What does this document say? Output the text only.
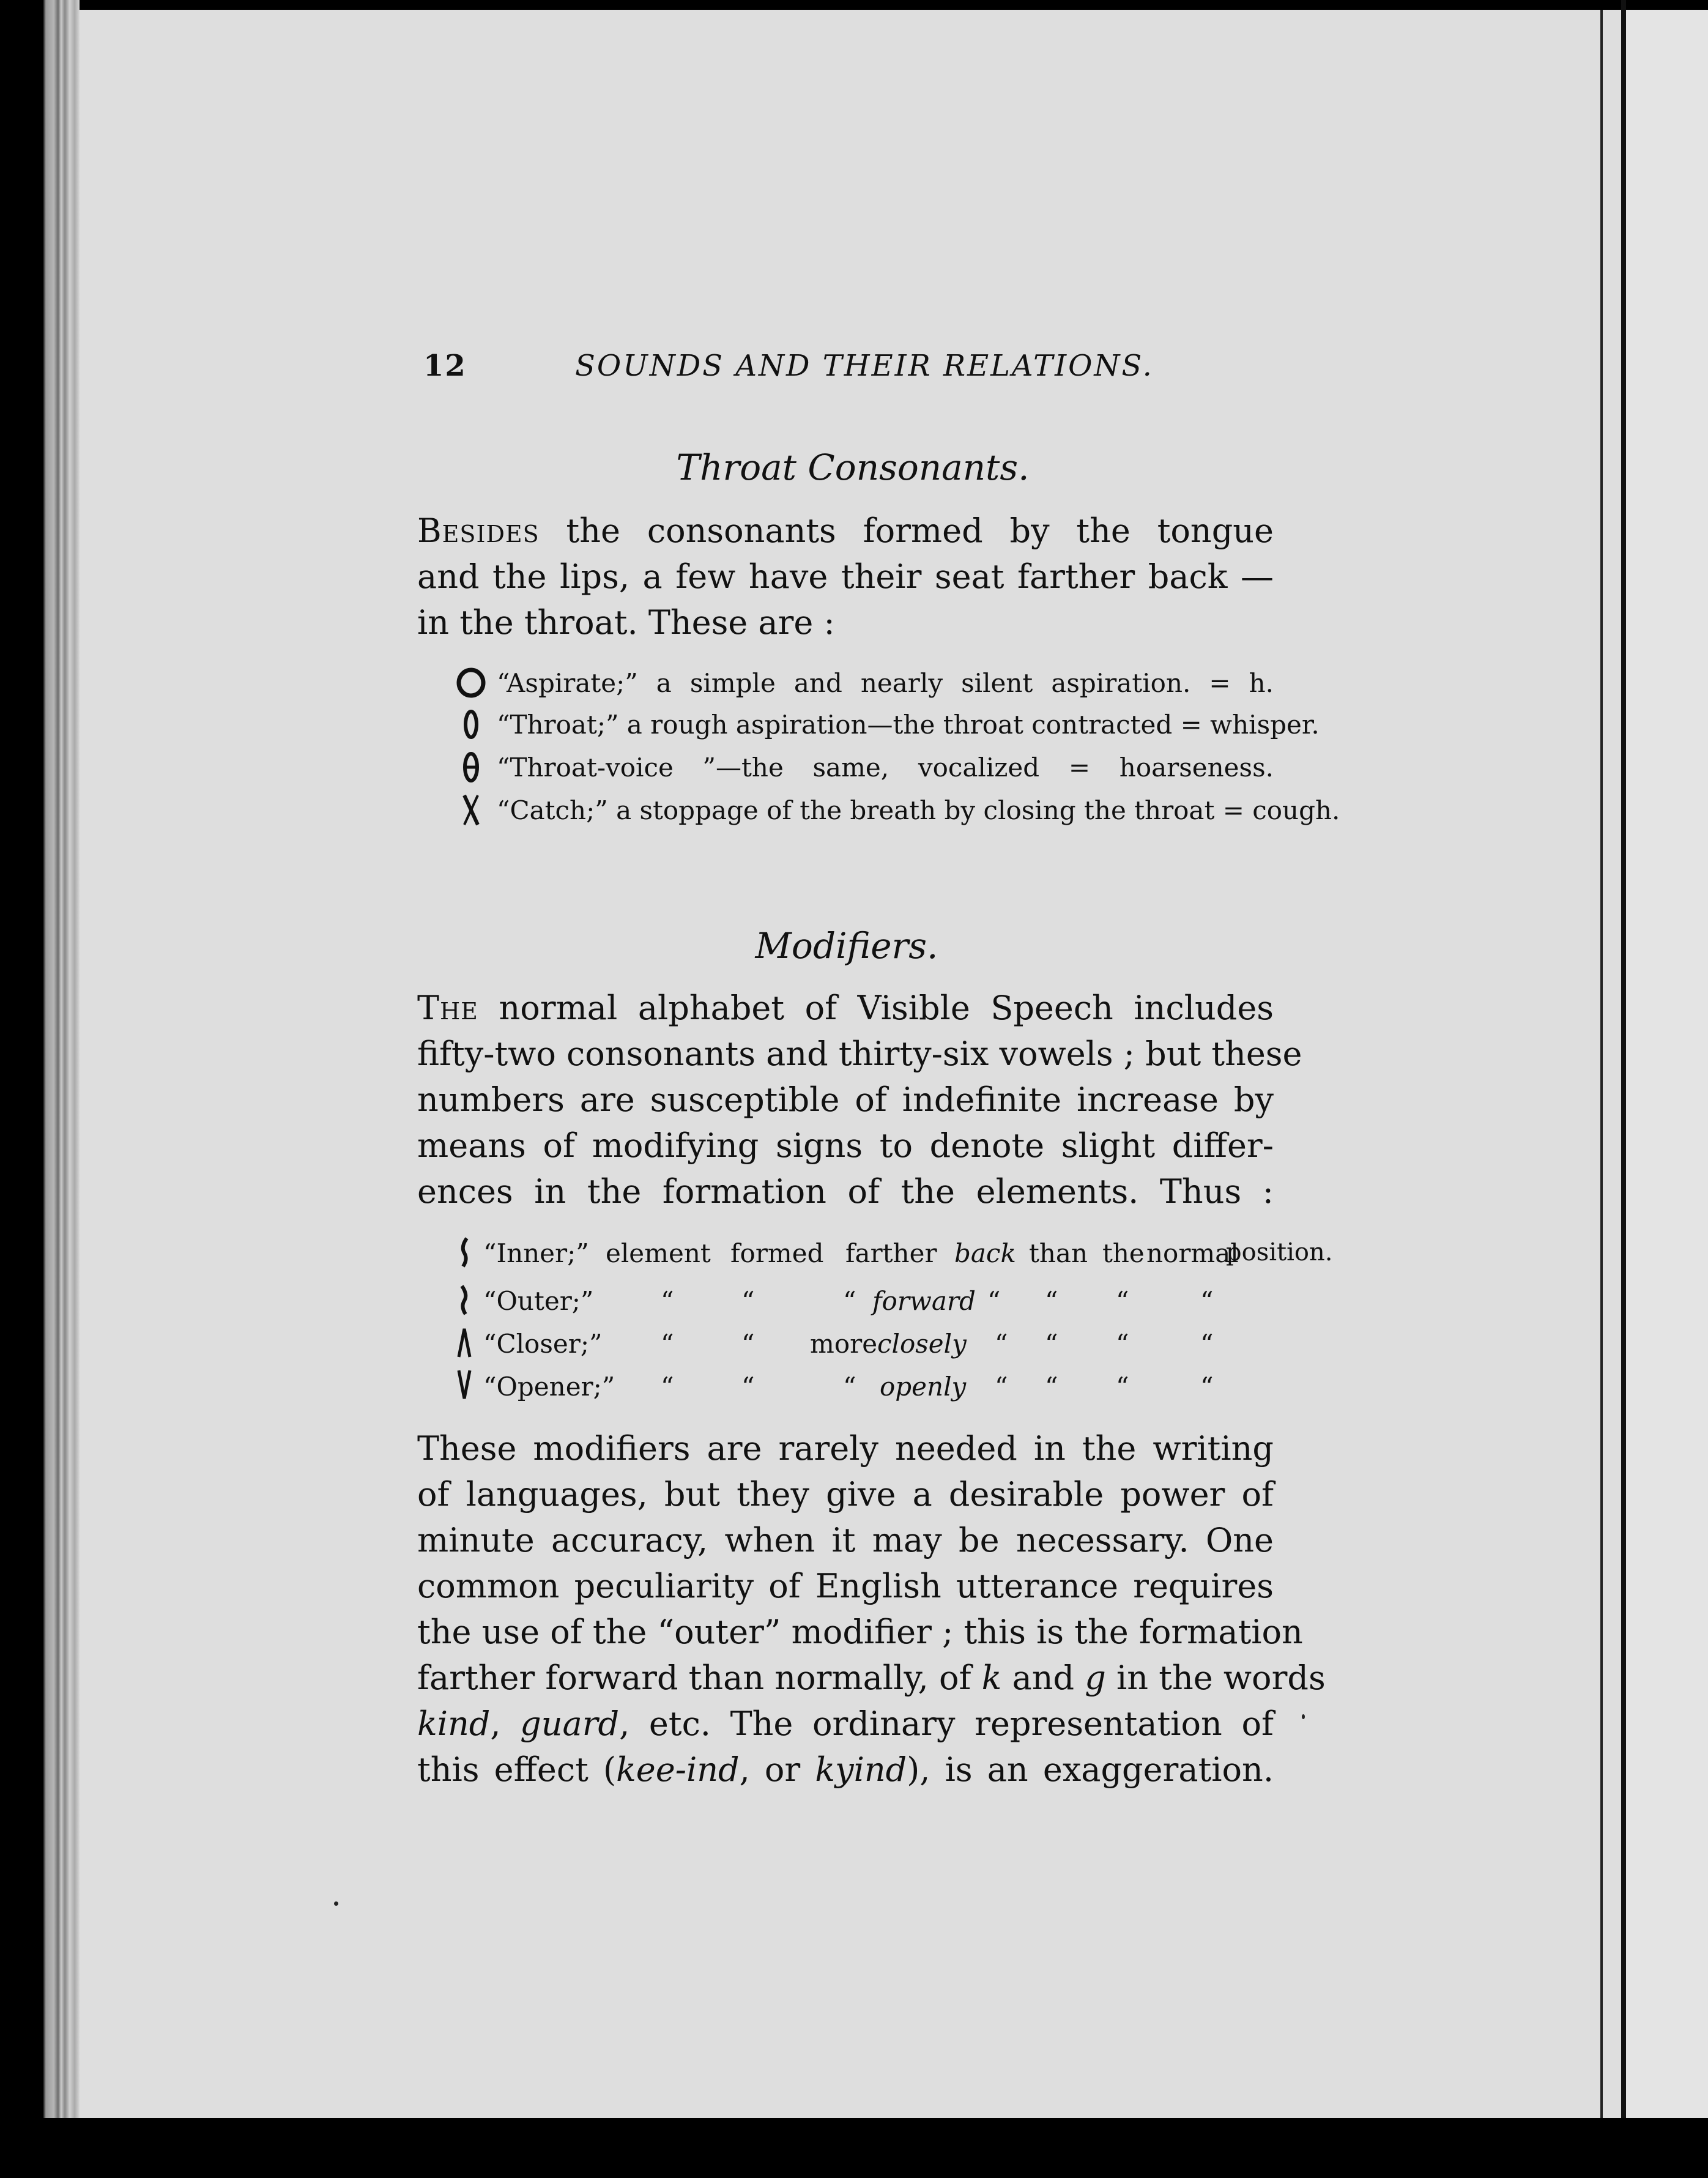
12	SOUNDS AND THEIR RELATIONS.
Throat Consonants.
Besides the consonants formed by the tongue
and the lips, a few have their seat farther back —
in the throat. These are :
“Aspirate;” a simple and nearly silent aspiration. = h.
“Throat;” a rough aspiration—the throat contracted = whisper.
“Throat-voice ”—the same, vocalized = hoarseness.
“Catch;” a stoppage of the breath by closing the throat = cough.
Modifiers.
The normal alphabet of Visible Speech includes
fifty-two consonants and thirty-six vowels ; but these
numbers are susceptible of indefinite increase by
means of modifying signs to denote slight differ-
ences in the formation of the elements. Thus :
“Inner;” element formed farther back than the normal
position.
“Outer;”	“	“	“ forward “ “ “	“
“Closer;” “	“ more closely “ “ “	“
“Opener;” “	“	“ openly “ “ “	“
These modifiers are rarely needed in the writing
of languages, but they give a desirable power of
minute accuracy, when it may be necessary. One
common peculiarity of English utterance requires
the use of the “outer” modifier ; this is the formation
farther forward than normally, of k and g in the words
kind, guard, etc. The ordinary representation of
this effect (kee-ind, or kyind), is an exaggeration.
